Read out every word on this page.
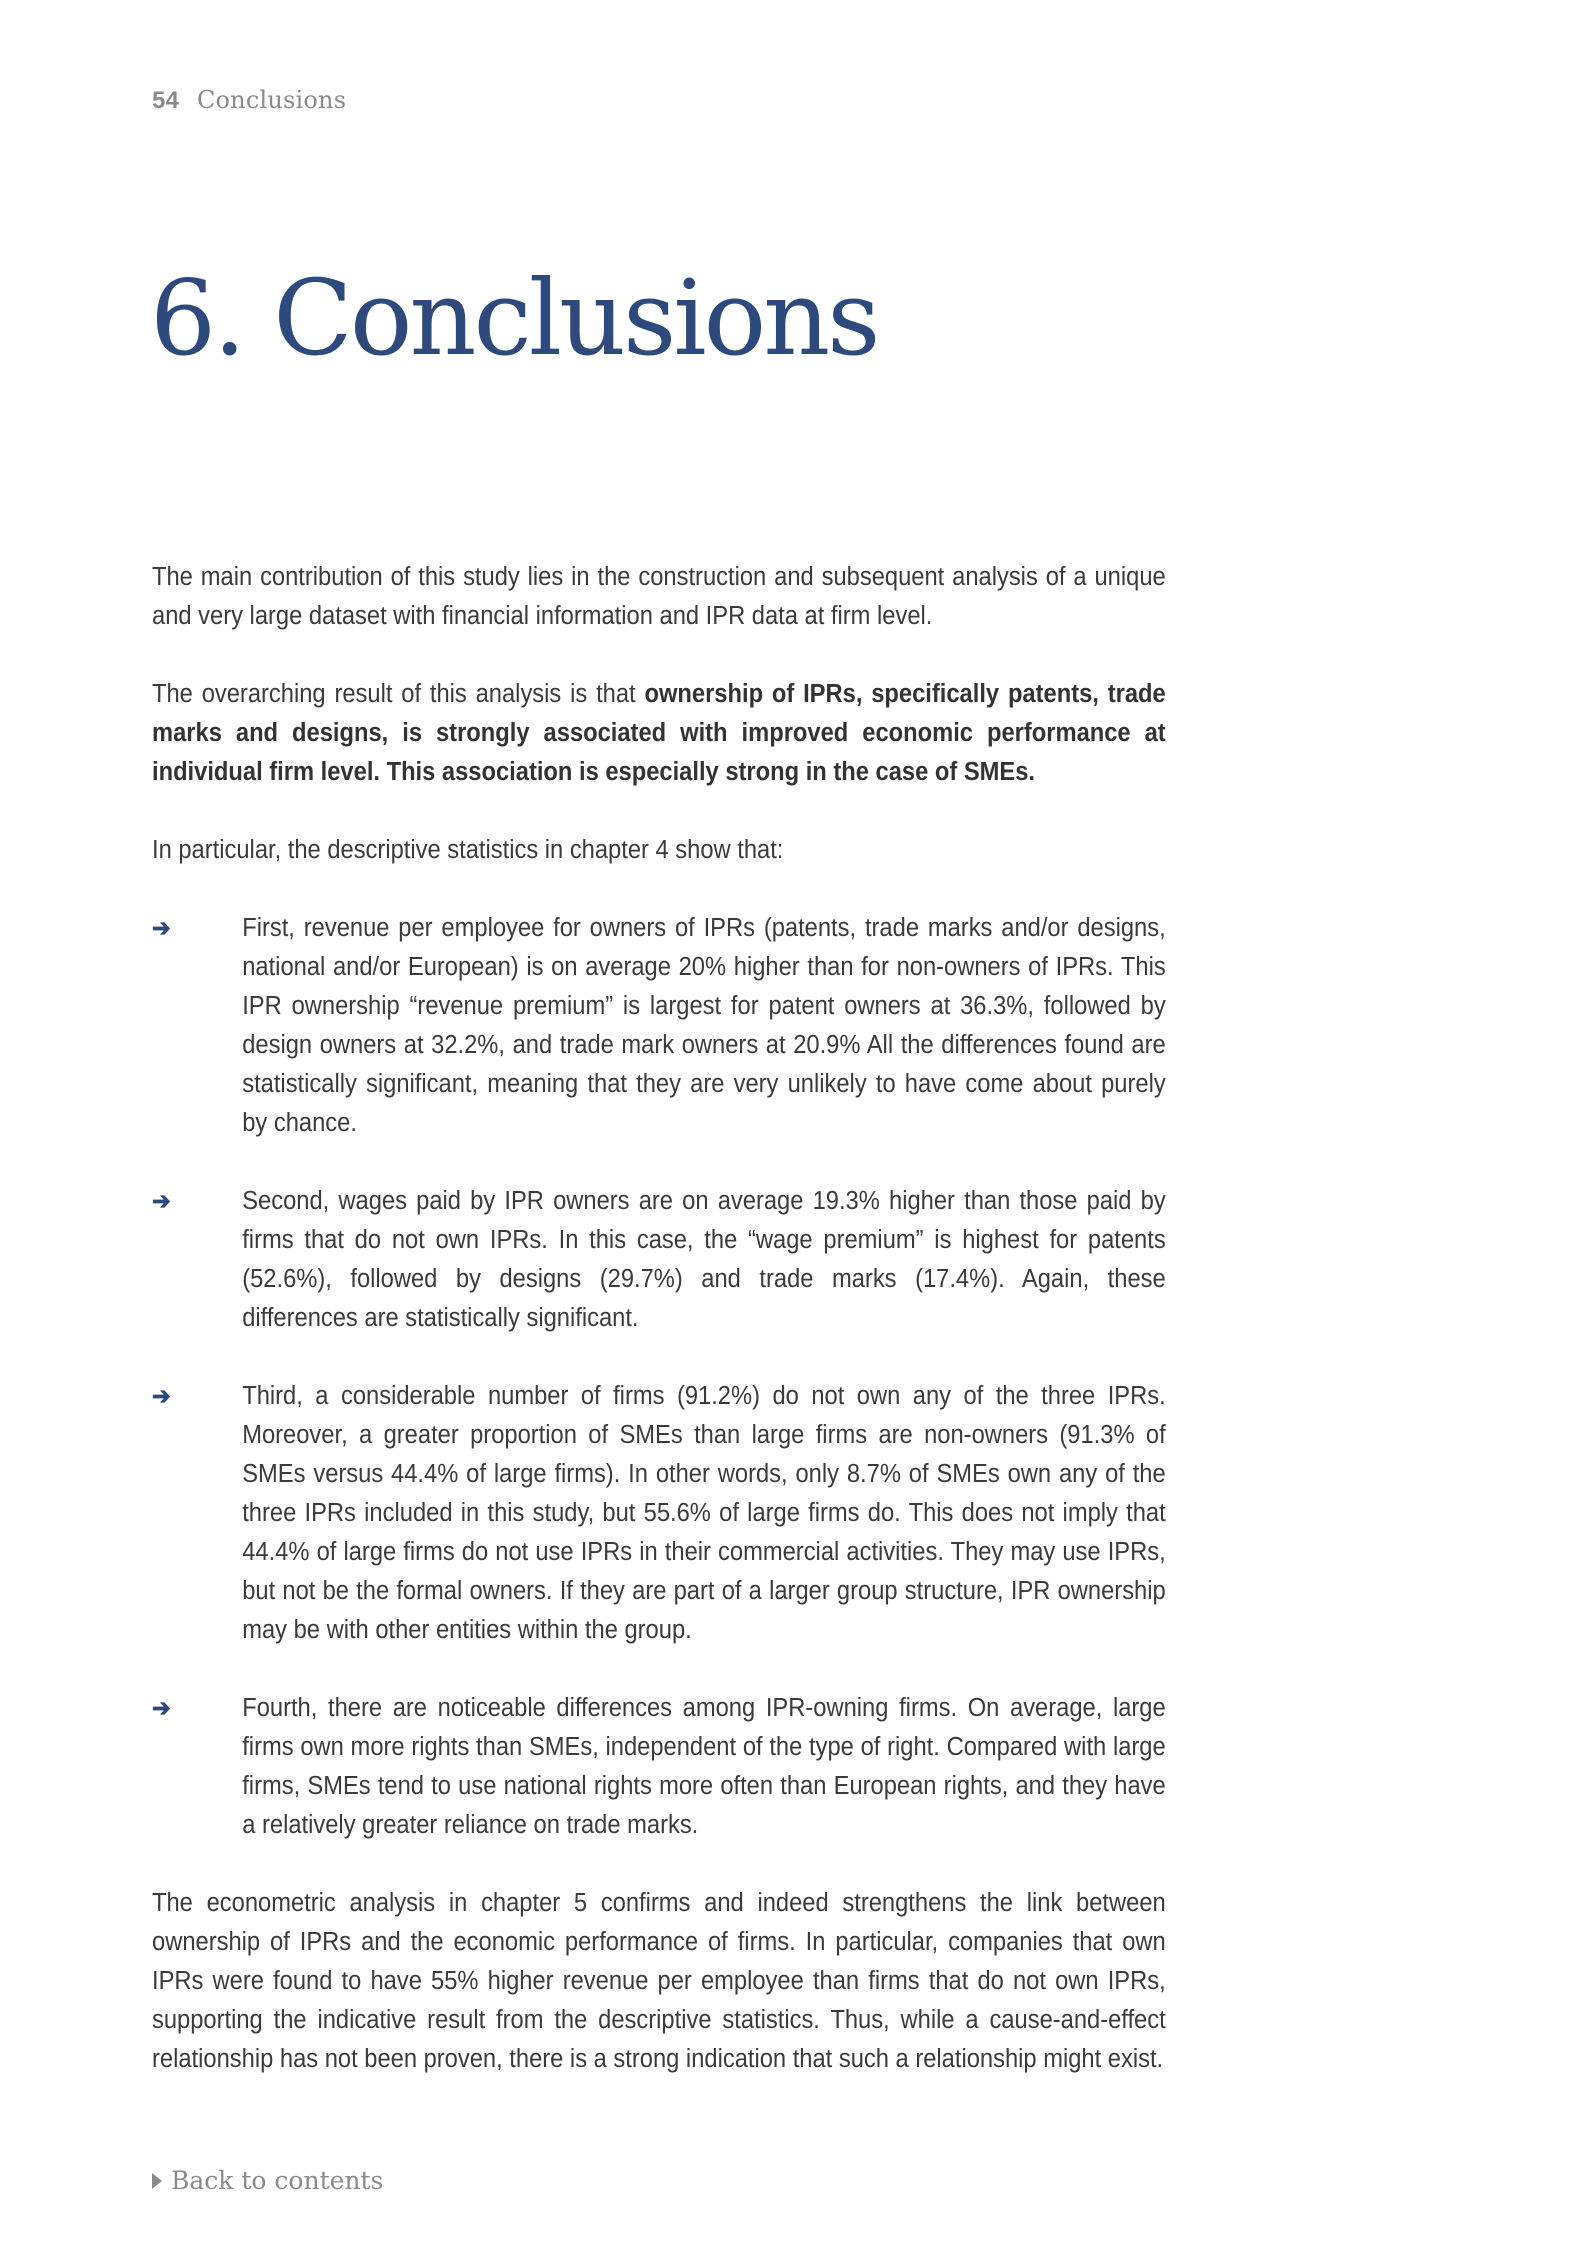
54 Conclusions
6. Conclusions

The main contribution of this study lies in the construction and subsequent analysis of a unique and very large dataset with financial information and IPR data at firm level.

The overarching result of this analysis is that ownership of IPRs, specifically patents, trade marks and designs, is strongly associated with improved economic performance at individual firm level. This association is especially strong in the case of SMEs.

In particular, the descriptive statistics in chapter 4 show that:

➔	First, revenue per employee for owners of IPRs (patents, trade marks and/or designs, national and/or European) is on average 20% higher than for non-owners of IPRs. This IPR ownership “revenue premium” is largest for patent owners at 36.3%, followed by design owners at 32.2%, and trade mark owners at 20.9% All the differences found are statistically significant, meaning that they are very unlikely to have come about purely by chance.
➔	Second, wages paid by IPR owners are on average 19.3% higher than those paid by firms that do not own IPRs. In this case, the “wage premium” is highest for patents (52.6%), followed by designs (29.7%) and trade marks (17.4%). Again, these differences are statistically significant.
➔	Third, a considerable number of firms (91.2%) do not own any of the three IPRs. Moreover, a greater proportion of SMEs than large firms are non-owners (91.3% of SMEs versus 44.4% of large firms). In other words, only 8.7% of SMEs own any of the three IPRs included in this study, but 55.6% of large firms do. This does not imply that 44.4% of large firms do not use IPRs in their commercial activities. They may use IPRs, but not be the formal owners. If they are part of a larger group structure, IPR ownership may be with other entities within the group.
➔	Fourth, there are noticeable differences among IPR-owning firms. On average, large firms own more rights than SMEs, independent of the type of right. Compared with large firms, SMEs tend to use national rights more often than European rights, and they have a relatively greater reliance on trade marks.

The econometric analysis in chapter 5 confirms and indeed strengthens the link between ownership of IPRs and the economic performance of firms. In particular, companies that own IPRs were found to have 55% higher revenue per employee than firms that do not own IPRs, supporting the indicative result from the descriptive statistics. Thus, while a cause-and-effect relationship has not been proven, there is a strong indication that such a relationship might exist.

Back to contents
